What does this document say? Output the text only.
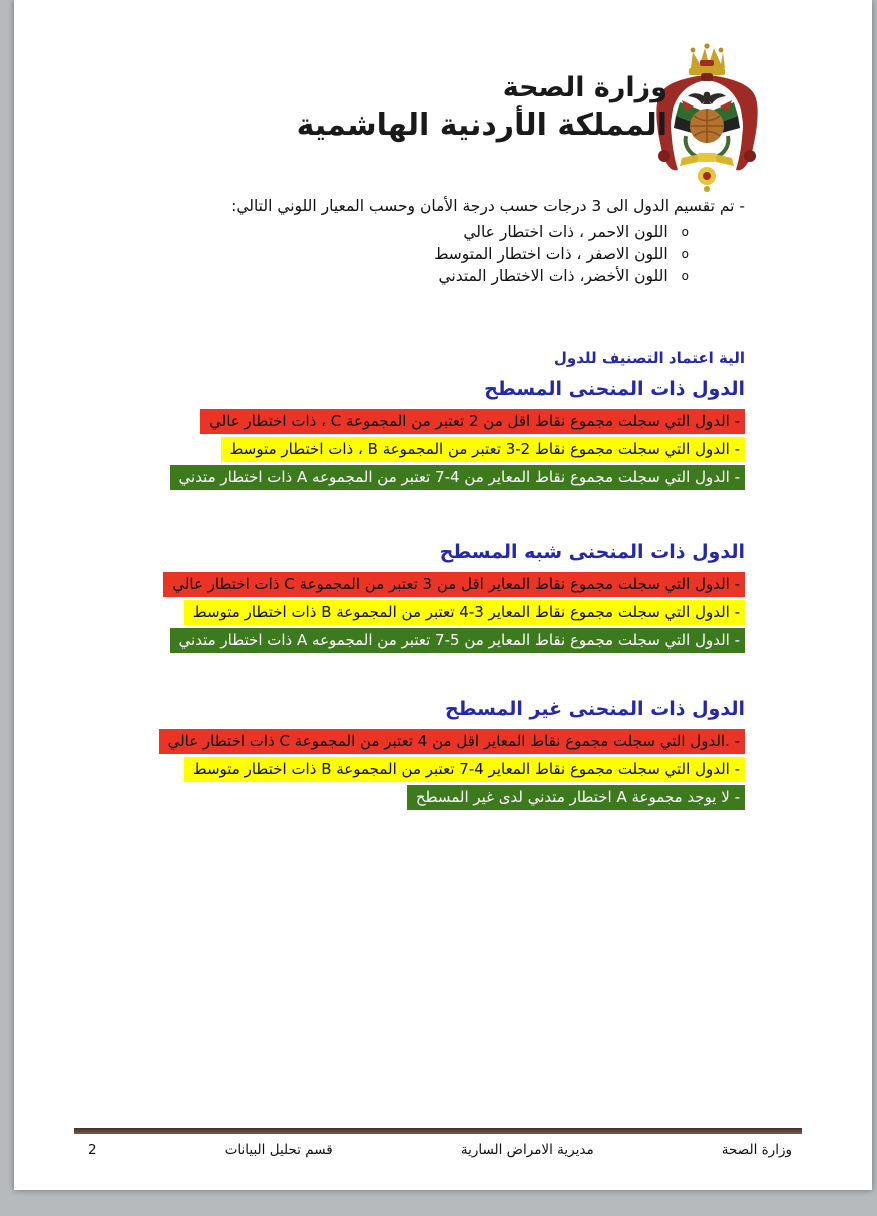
وزارة الصحة
المملكة الأردنية الهاشمية
- تم تقسيم الدول الى 3 درجات حسب درجة الأمان وحسب المعيار اللوني التالي:
oاللون الاحمر ، ذات اختطار عالي
oاللون الاصفر ، ذات اختطار المتوسط
oاللون الأخضر، ذات الاختطار المتدني
الية اعتماد التصنيف للدول
الدول ذات المنحنى المسطح
- الدول التي سجلت مجموع نقاط اقل من 2 تعتبر من المجموعة C ، ذات اختطار عالي
- الدول التي سجلت مجموع نقاط 2-3 تعتبر من المجموعة B ، ذات اختطار متوسط
- الدول التي سجلت مجموع نقاط المعاير من 4-7 تعتبر من المجموعه A ذات اختطار متدني
الدول ذات المنحنى شبه المسطح
- الدول التي سجلت مجموع نقاط المعاير اقل من 3 تعتبر من المجموعة C ذات اختطار عالي
- الدول التي سجلت مجموع نقاط المعاير 3-4 تعتبر من المجموعة B ذات اختطار متوسط
- الدول التي سجلت مجموع نقاط المعاير من 5-7 تعتبر من المجموعه A ذات اختطار متدني
الدول ذات المنحنى غير المسطح
- .الدول التي سجلت مجموع نقاط المعاير اقل من 4 تعتبر من المجموعة C ذات اختطار عالي
- الدول التي سجلت مجموع نقاط المعاير 4-7 تعتبر من المجموعة B ذات اختطار متوسط
- لا يوجد مجموعة A اختطار متدني لدى غير المسطح
وزارة الصحة
مديرية الامراض السارية
قسم تحليل البيانات
2
